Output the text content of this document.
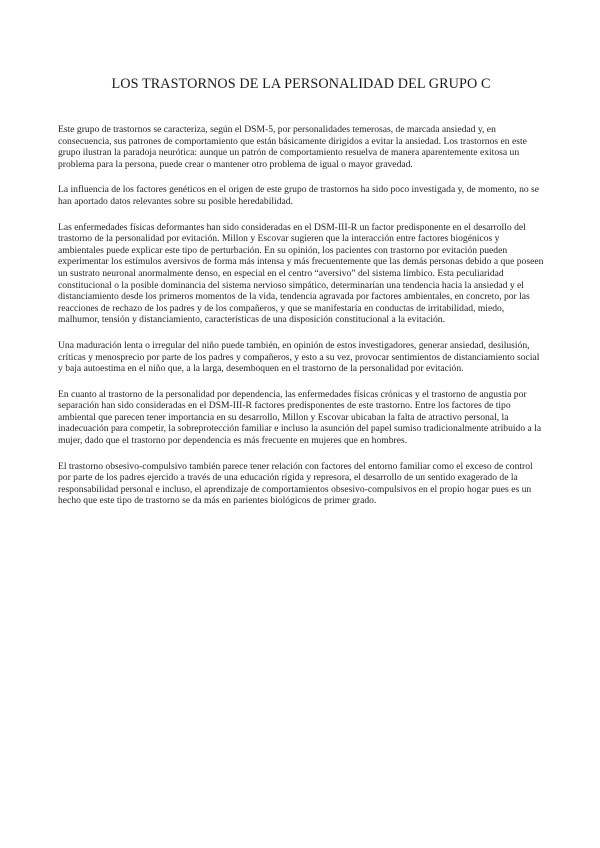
LOS TRASTORNOS DE LA PERSONALIDAD DEL GRUPO C

Este grupo de trastornos se caracteriza, según el DSM-5, por personalidades temerosas, de marcada ansiedad y, en consecuencia, sus patrones de comportamiento que están básicamente dirigidos a evitar la ansiedad. Los trastornos en este grupo ilustran la paradoja neurótica: aunque un patrón de comportamiento resuelva de manera aparentemente exitosa un problema para la persona, puede crear o mantener otro problema de igual o mayor gravedad.

La influencia de los factores genéticos en el origen de este grupo de trastornos ha sido poco investigada y, de momento, no se han aportado datos relevantes sobre su posible heredabilidad.

Las enfermedades físicas deformantes han sido consideradas en el DSM-III-R un factor predisponente en el desarrollo del trastorno de la personalidad por evitación. Millon y Escovar sugieren que la interacción entre factores biogénicos y ambientales puede explicar este tipo de perturbación. En su opinión, los pacientes con trastorno por evitación pueden experimentar los estímulos aversivos de forma más intensa y más frecuentemente que las demás personas debido a que poseen un sustrato neuronal anormalmente denso, en especial en el centro “aversivo” del sistema límbico. Esta peculiaridad constitucional o la posible dominancia del sistema nervioso simpático, determinarían una tendencia hacia la ansiedad y el distanciamiento desde los primeros momentos de la vida, tendencia agravada por factores ambientales, en concreto, por las reacciones de rechazo de los padres y de los compañeros, y que se manifestaría en conductas de irritabilidad, miedo, malhumor, tensión y distanciamiento, características de una disposición constitucional a la evitación.

Una maduración lenta o irregular del niño puede también, en opinión de estos investigadores, generar ansiedad, desilusión, críticas y menosprecio por parte de los padres y compañeros, y esto a su vez, provocar sentimientos de distanciamiento social y baja autoestima en el niño que, a la larga, desemboquen en el trastorno de la personalidad por evitación.

En cuanto al trastorno de la personalidad por dependencia, las enfermedades físicas crónicas y el trastorno de angustia por separación han sido consideradas en el DSM-III-R factores predisponentes de este trastorno. Entre los factores de tipo ambiental que parecen tener importancia en su desarrollo, Millon y Escovar ubicaban la falta de atractivo personal, la inadecuación para competir, la sobreprotección familiar e incluso la asunción del papel sumiso tradicionalmente atribuido a la mujer, dado que el trastorno por dependencia es más frecuente en mujeres que en hombres.

El trastorno obsesivo-compulsivo también parece tener relación con factores del entorno familiar como el exceso de control por parte de los padres ejercido a través de una educación rígida y represora, el desarrollo de un sentido exagerado de la responsabilidad personal e incluso, el aprendizaje de comportamientos obsesivo-compulsivos en el propio hogar pues es un hecho que este tipo de trastorno se da más en parientes biológicos de primer grado.
